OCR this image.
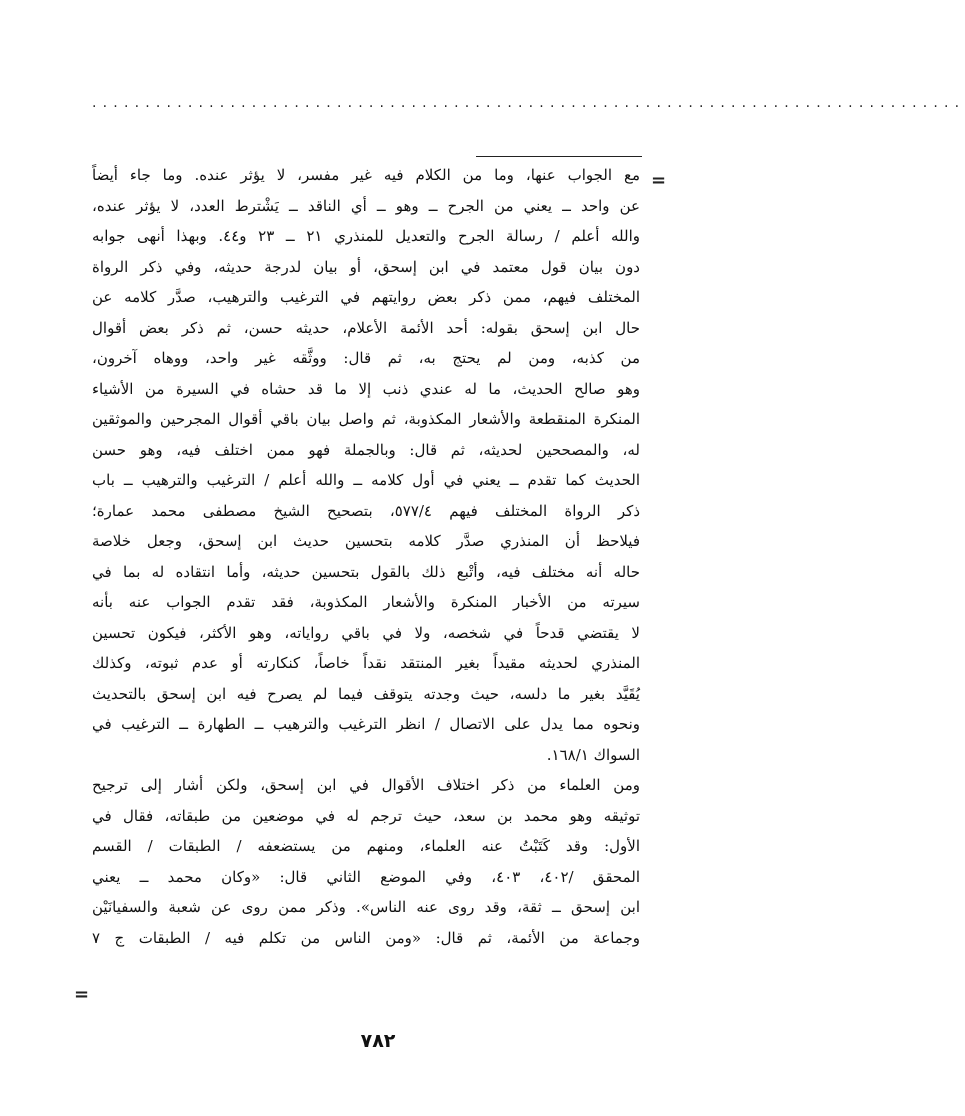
..................................................................................
=
مع الجواب عنها، وما من الكلام فيه غير مفسر، لا يؤثر عنده. وما جاء أيضاً
عن واحد ــ يعني من الجرح ــ وهو ــ أي الناقد ــ يَشْترط العدد، لا يؤثر عنده،
والله أعلم / رسالة الجرح والتعديل للمنذري ٢١ ــ ٢٣ و٤٤. وبهذا أنهى جوابه
دون بيان قول معتمد في ابن إسحق، أو بيان لدرجة حديثه، وفي ذكر الرواة
المختلف فيهم، ممن ذكر بعض روايتهم في الترغيب والترهيب، صدَّر كلامه عن
حال ابن إسحق بقوله: أحد الأئمة الأعلام، حديثه حسن، ثم ذكر بعض أقوال
من كذبه، ومن لم يحتج به، ثم قال: ووثَّقه غير واحد، ووهاه آخرون،
وهو صالح الحديث، ما له عندي ذنب إلا ما قد حشاه في السيرة من الأشياء
المنكرة المنقطعة والأشعار المكذوبة، ثم واصل بيان باقي أقوال المجرحين والموثقين
له، والمصححين لحديثه، ثم قال: وبالجملة فهو ممن اختلف فيه، وهو حسن
الحديث كما تقدم ــ يعني في أول كلامه ــ والله أعلم / الترغيب والترهيب ــ باب
ذكر الرواة المختلف فيهم ٥٧٧/٤، بتصحيح الشيخ مصطفى محمد عمارة؛
فيلاحظ أن المنذري صدَّر كلامه بتحسين حديث ابن إسحق، وجعل خلاصة
حاله أنه مختلف فيه، وأتْبع ذلك بالقول بتحسين حديثه، وأما انتقاده له بما في
سيرته من الأخبار المنكرة والأشعار المكذوبة، فقد تقدم الجواب عنه بأنه
لا يقتضي قدحاً في شخصه، ولا في باقي رواياته، وهو الأكثر، فيكون تحسين
المنذري لحديثه مقيداً بغير المنتقد نقداً خاصاً، كنكارته أو عدم ثبوته، وكذلك
يُقَيَّد بغير ما دلسه، حيث وجدته يتوقف فيما لم يصرح فيه ابن إسحق بالتحديث
ونحوه مما يدل على الاتصال / انظر الترغيب والترهيب ــ الطهارة ــ الترغيب في
السواك ١٦٨/١.
ومن العلماء من ذكر اختلاف الأقوال في ابن إسحق، ولكن أشار إلى ترجيح
توثيقه وهو محمد بن سعد، حيث ترجم له في موضعين من طبقاته، فقال في
الأول: وقد كَتَبْتُ عنه العلماء، ومنهم من يستضعفه / الطبقات / القسم
المحقق /٤٠٢، ٤٠٣، وفي الموضع الثاني قال: «وكان محمد ــ يعني
ابن إسحق ــ ثقة، وقد روى عنه الناس». وذكر ممن روى عن شعبة والسفيانَيْن
وجماعة من الأئمة، ثم قال: «ومن الناس من تكلم فيه / الطبقات ج ٧
=
٧٨٢
